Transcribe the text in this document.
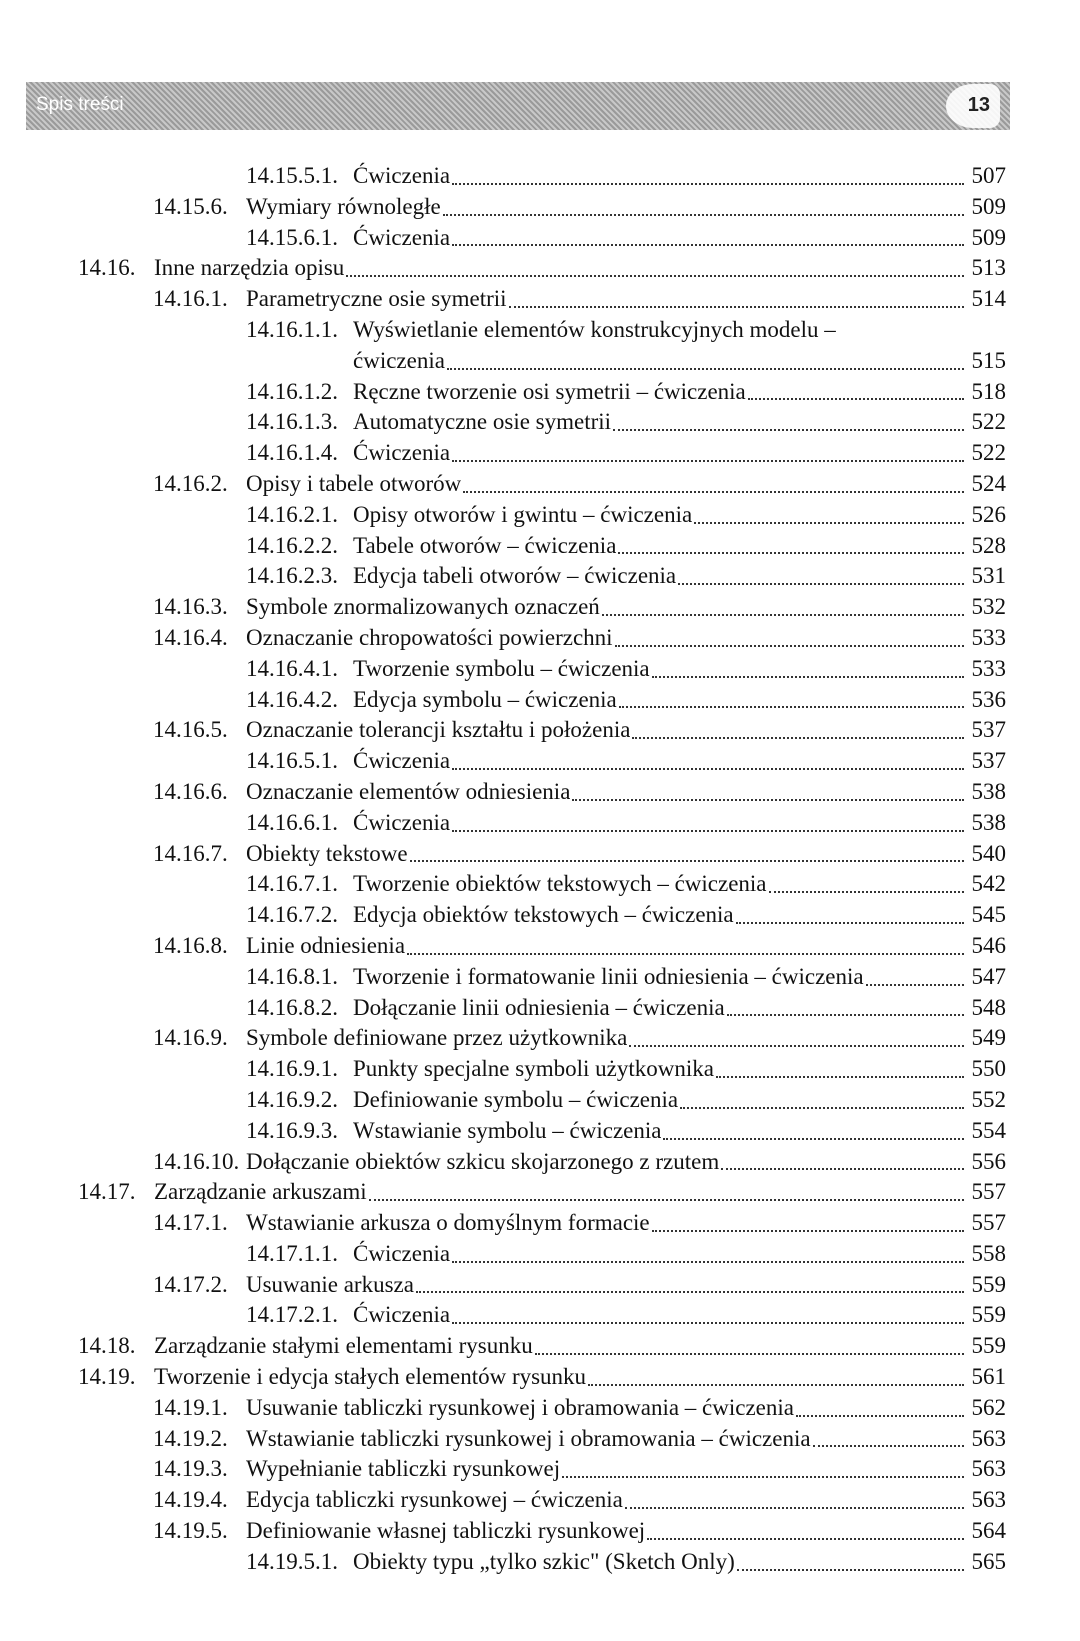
Spis treści	13
14.15.5.1. Ćwiczenia	507
14.15.6. Wymiary równoległe	509
14.15.6.1. Ćwiczenia	509
14.16. Inne narzędzia opisu	513
14.16.1. Parametryczne osie symetrii	514
14.16.1.1. Wyświetlanie elementów konstrukcyjnych modelu –
ćwiczenia	515
14.16.1.2. Ręczne tworzenie osi symetrii – ćwiczenia	518
14.16.1.3. Automatyczne osie symetrii	522
14.16.1.4. Ćwiczenia	522
14.16.2. Opisy i tabele otworów	524
14.16.2.1. Opisy otworów i gwintu – ćwiczenia	526
14.16.2.2. Tabele otworów – ćwiczenia	528
14.16.2.3. Edycja tabeli otworów – ćwiczenia	531
14.16.3. Symbole znormalizowanych oznaczeń	532
14.16.4. Oznaczanie chropowatości powierzchni	533
14.16.4.1. Tworzenie symbolu – ćwiczenia	533
14.16.4.2. Edycja symbolu – ćwiczenia	536
14.16.5. Oznaczanie tolerancji kształtu i położenia	537
14.16.5.1. Ćwiczenia	537
14.16.6. Oznaczanie elementów odniesienia	538
14.16.6.1. Ćwiczenia	538
14.16.7. Obiekty tekstowe	540
14.16.7.1. Tworzenie obiektów tekstowych – ćwiczenia	542
14.16.7.2. Edycja obiektów tekstowych – ćwiczenia	545
14.16.8. Linie odniesienia	546
14.16.8.1. Tworzenie i formatowanie linii odniesienia – ćwiczenia	547
14.16.8.2. Dołączanie linii odniesienia – ćwiczenia	548
14.16.9. Symbole definiowane przez użytkownika	549
14.16.9.1. Punkty specjalne symboli użytkownika	550
14.16.9.2. Definiowanie symbolu – ćwiczenia	552
14.16.9.3. Wstawianie symbolu – ćwiczenia	554
14.16.10. Dołączanie obiektów szkicu skojarzonego z rzutem	556
14.17. Zarządzanie arkuszami	557
14.17.1. Wstawianie arkusza o domyślnym formacie	557
14.17.1.1. Ćwiczenia	558
14.17.2. Usuwanie arkusza	559
14.17.2.1. Ćwiczenia	559
14.18. Zarządzanie stałymi elementami rysunku	559
14.19. Tworzenie i edycja stałych elementów rysunku	561
14.19.1. Usuwanie tabliczki rysunkowej i obramowania – ćwiczenia	562
14.19.2. Wstawianie tabliczki rysunkowej i obramowania – ćwiczenia	563
14.19.3. Wypełnianie tabliczki rysunkowej	563
14.19.4. Edycja tabliczki rysunkowej – ćwiczenia	563
14.19.5. Definiowanie własnej tabliczki rysunkowej	564
14.19.5.1. Obiekty typu „tylko szkic" (Sketch Only)	565
